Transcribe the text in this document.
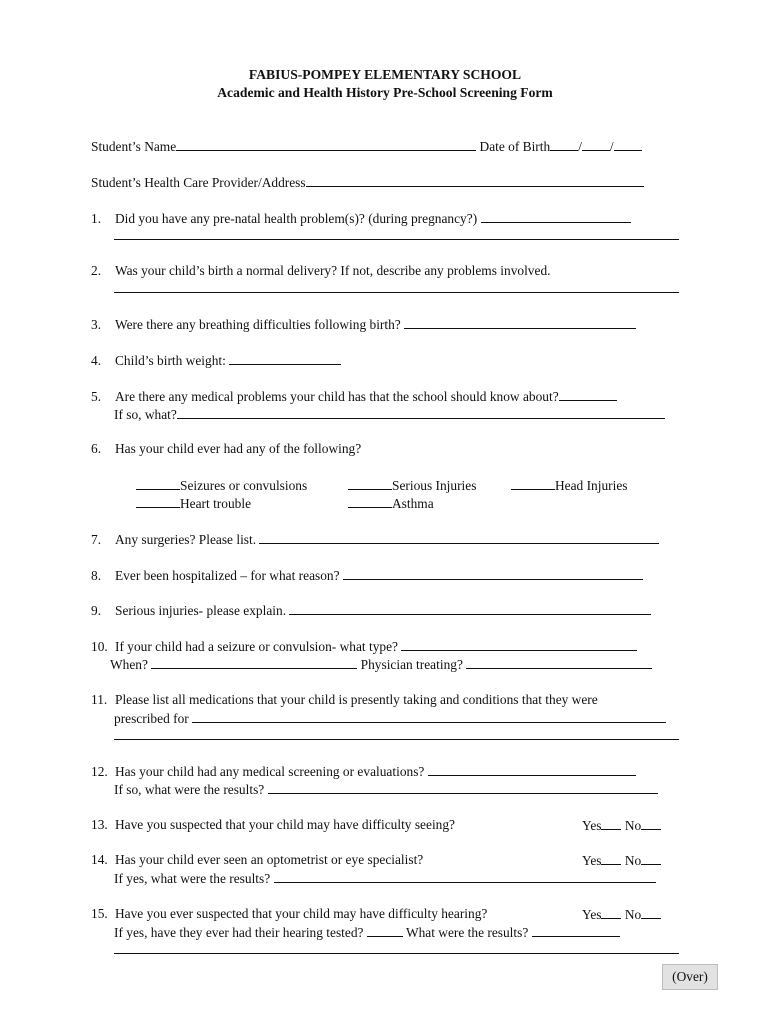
FABIUS-POMPEY ELEMENTARY SCHOOL
Academic and Health History Pre-School Screening Form
Student’s Name	Date of Birth / /
Student’s Health Care Provider/Address
1. Did you have any pre-natal health problem(s)? (during pregnancy?)
2. Was your child’s birth a normal delivery? If not, describe any problems involved.
3. Were there any breathing difficulties following birth?
4. Child’s birth weight:
5. Are there any medical problems your child has that the school should know about?
If so, what?
6. Has your child ever had any of the following?
Seizures or convulsions	Serious Injuries	Head Injuries
Heart trouble	Asthma
7. Any surgeries? Please list.
8. Ever been hospitalized – for what reason?
9. Serious injuries- please explain.
10. If your child had a seizure or convulsion- what type?
When?	Physician treating?
11. Please list all medications that your child is presently taking and conditions that they were
prescribed for
12. Has your child had any medical screening or evaluations?
If so, what were the results?
13. Have you suspected that your child may have difficulty seeing?	Yes No
14. Has your child ever seen an optometrist or eye specialist?	Yes No
If yes, what were the results?
15. Have you ever suspected that your child may have difficulty hearing?	Yes No
If yes, have they ever had their hearing tested?	What were the results?
(Over)
